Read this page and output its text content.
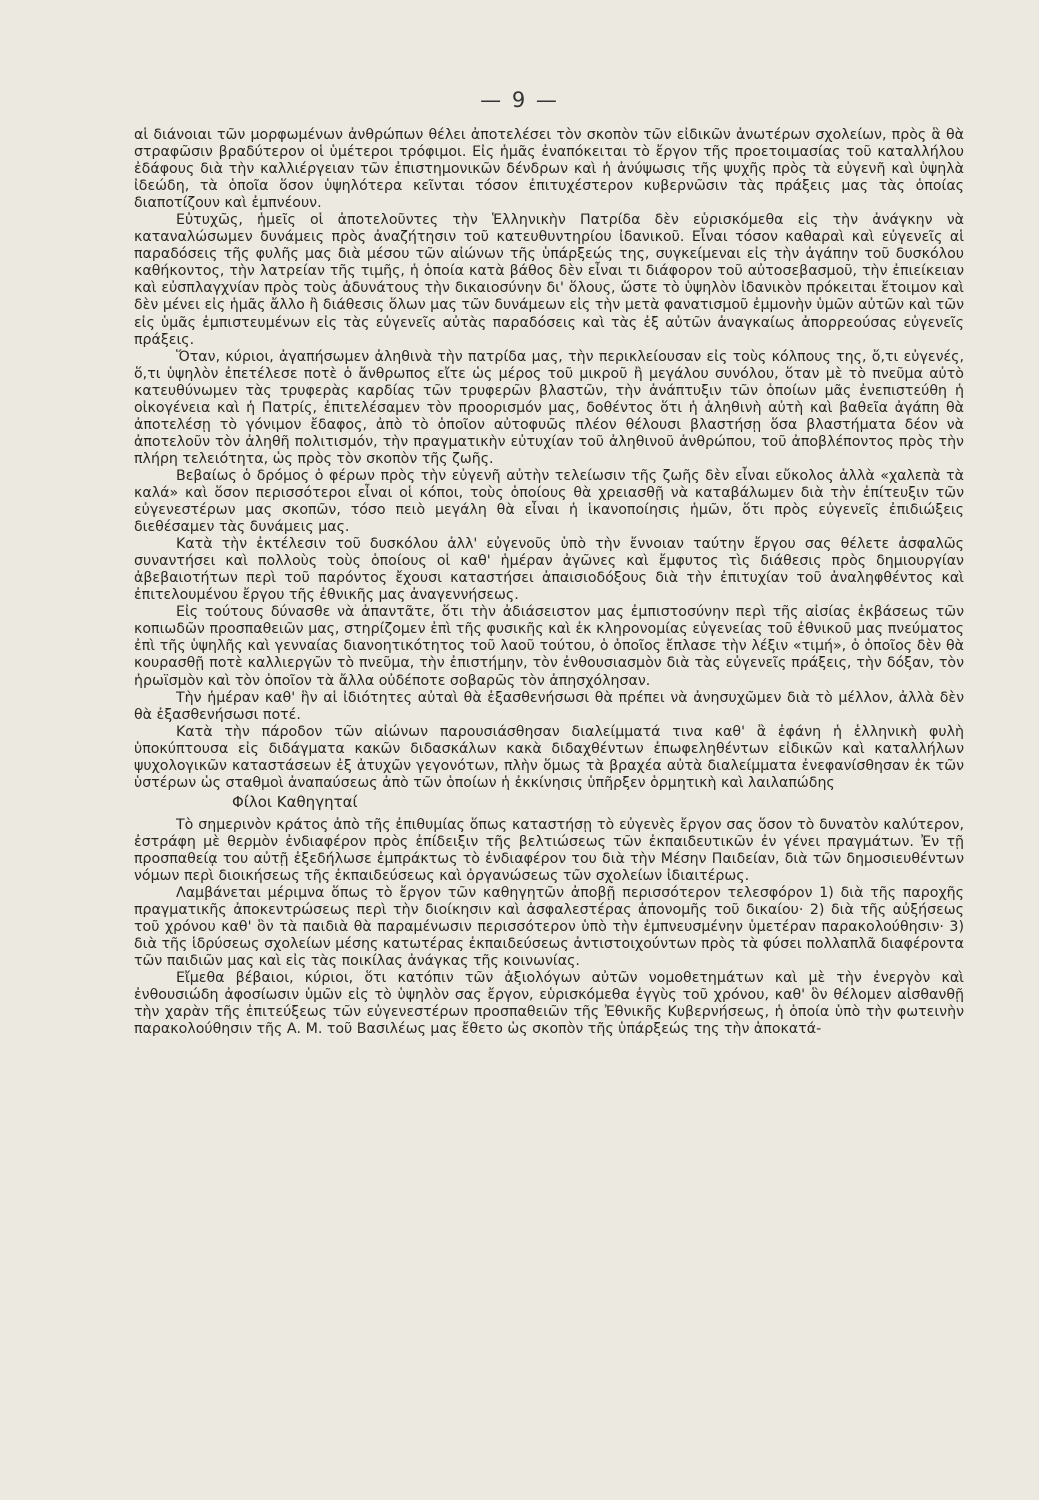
— 9 —

αἱ διάνοιαι τῶν μορφωμένων ἀνθρώπων θέλει ἀποτελέσει τὸν σκοπὸν τῶν εἰδικῶν ἀνωτέρων σχολείων, πρὸς ἃ θὰ στραφῶσιν βραδύτερον οἱ ὑμέτεροι τρόφιμοι. Εἰς ἡμᾶς ἐναπόκειται τὸ ἔργον τῆς προετοιμασίας τοῦ καταλλήλου ἐδάφους διὰ τὴν καλλιέργειαν τῶν ἐπιστημονικῶν δένδρων καὶ ἡ ἀνύψωσις τῆς ψυχῆς πρὸς τὰ εὐγενῆ καὶ ὑψηλὰ ἰδεώδη, τὰ ὁποῖα ὅσον ὑψηλότερα κεῖνται τόσον ἐπιτυχέστερον κυβερνῶσιν τὰς πράξεις μας τὰς ὁποίας διαποτίζουν καὶ ἐμπνέουν.

Εὐτυχῶς, ἡμεῖς οἱ ἀποτελοῦντες τὴν Ἑλληνικὴν Πατρίδα δὲν εὑρισκόμεθα εἰς τὴν ἀνάγκην νὰ καταναλώσωμεν δυνάμεις πρὸς ἀναζήτησιν τοῦ κατευθυντηρίου ἰδανικοῦ. Εἶναι τόσον καθαραὶ καὶ εὐγενεῖς αἱ παραδόσεις τῆς φυλῆς μας διὰ μέσου τῶν αἰώνων τῆς ὑπάρξεώς της, συγκείμεναι εἰς τὴν ἀγάπην τοῦ δυσκόλου καθήκοντος, τὴν λατρείαν τῆς τιμῆς, ἡ ὁποία κατὰ βάθος δὲν εἶναι τι διάφορον τοῦ αὐτοσεβασμοῦ, τὴν ἐπιείκειαν καὶ εὐσπλαγχνίαν πρὸς τοὺς ἀδυνάτους τὴν δικαιοσύνην δι' ὅλους, ὥστε τὸ ὑψηλὸν ἰδανικὸν πρόκειται ἕτοιμον καὶ δὲν μένει εἰς ἡμᾶς ἄλλο ἢ διάθεσις ὅλων μας τῶν δυνάμεων εἰς τὴν μετὰ φανατισμοῦ ἐμμονὴν ὑμῶν αὐτῶν καὶ τῶν εἰς ὑμᾶς ἐμπιστευμένων εἰς τὰς εὐγενεῖς αὐτὰς παραδόσεις καὶ τὰς ἐξ αὐτῶν ἀναγκαίως ἀπορρεούσας εὐγενεῖς πράξεις.

Ὅταν, κύριοι, ἀγαπήσωμεν ἀληθινὰ τὴν πατρίδα μας, τὴν περικλείουσαν εἰς τοὺς κόλπους της, ὅ,τι εὐγενές, ὅ,τι ὑψηλὸν ἐπετέλεσε ποτὲ ὁ ἄνθρωπος εἴτε ὡς μέρος τοῦ μικροῦ ἢ μεγάλου συνόλου, ὅταν μὲ τὸ πνεῦμα αὐτὸ κατευθύνωμεν τὰς τρυφερὰς καρδίας τῶν τρυφερῶν βλαστῶν, τὴν ἀνάπτυξιν τῶν ὁποίων μᾶς ἐνεπιστεύθη ἡ οἰκογένεια καὶ ἡ Πατρίς, ἐπιτελέσαμεν τὸν προορισμόν μας, δοθέντος ὅτι ἡ ἀληθινὴ αὐτὴ καὶ βαθεῖα ἀγάπη θὰ ἀποτελέσῃ τὸ γόνιμον ἔδαφος, ἀπὸ τὸ ὁποῖον αὐτοφυῶς πλέον θέλουσι βλαστήσῃ ὅσα βλαστήματα δέον νὰ ἀποτελοῦν τὸν ἀληθῆ πολιτισμόν, τὴν πραγματικὴν εὐτυχίαν τοῦ ἀληθινοῦ ἀνθρώπου, τοῦ ἀποβλέποντος πρὸς τὴν πλήρη τελειότητα, ὡς πρὸς τὸν σκοπὸν τῆς ζωῆς.

Βεβαίως ὁ δρόμος ὁ φέρων πρὸς τὴν εὐγενῆ αὐτὴν τελείωσιν τῆς ζωῆς δὲν εἶναι εὔκολος ἀλλὰ «χαλεπὰ τὰ καλά» καὶ ὅσον περισσότεροι εἶναι οἱ κόποι, τοὺς ὁποίους θὰ χρειασθῇ νὰ καταβάλωμεν διὰ τὴν ἐπίτευξιν τῶν εὐγενεστέρων μας σκοπῶν, τόσο πειὸ μεγάλη θὰ εἶναι ἡ ἱκανοποίησις ἡμῶν, ὅτι πρὸς εὐγενεῖς ἐπιδιώξεις διεθέσαμεν τὰς δυνάμεις μας.

Κατὰ τὴν ἐκτέλεσιν τοῦ δυσκόλου ἀλλ' εὐγενοῦς ὑπὸ τὴν ἔννοιαν ταύτην ἔργου σας θέλετε ἀσφαλῶς συναντήσει καὶ πολλοὺς τοὺς ὁποίους οἱ καθ' ἡμέραν ἀγῶνες καὶ ἔμφυτος τὶς διάθεσις πρὸς δημιουργίαν ἀβεβαιοτήτων περὶ τοῦ παρόντος ἔχουσι καταστήσει ἀπαισιοδόξους διὰ τὴν ἐπιτυχίαν τοῦ ἀναληφθέντος καὶ ἐπιτελουμένου ἔργου τῆς ἐθνικῆς μας ἀναγεννήσεως.

Εἰς τούτους δύνασθε νὰ ἀπαντᾶτε, ὅτι τὴν ἀδιάσειστον μας ἐμπιστοσύνην περὶ τῆς αἰσίας ἐκβάσεως τῶν κοπιωδῶν προσπαθειῶν μας, στηρίζομεν ἐπὶ τῆς φυσικῆς καὶ ἐκ κληρονομίας εὐγενείας τοῦ ἐθνικοῦ μας πνεύματος ἐπὶ τῆς ὑψηλῆς καὶ γενναίας διανοητικότητος τοῦ λαοῦ τούτου, ὁ ὁποῖος ἔπλασε τὴν λέξιν «τιμή», ὁ ὁποῖος δὲν θὰ κουρασθῇ ποτὲ καλλιεργῶν τὸ πνεῦμα, τὴν ἐπιστήμην, τὸν ἐνθουσιασμὸν διὰ τὰς εὐγενεῖς πράξεις, τὴν δόξαν, τὸν ἡρωϊσμὸν καὶ τὸν ὁποῖον τὰ ἄλλα οὐδέποτε σοβαρῶς τὸν ἀπησχόλησαν.

Τὴν ἡμέραν καθ' ἣν αἱ ἰδιότητες αὐταὶ θὰ ἐξασθενήσωσι θὰ πρέπει νὰ ἀνησυχῶμεν διὰ τὸ μέλλον, ἀλλὰ δὲν θὰ ἐξασθενήσωσι ποτέ.

Κατὰ τὴν πάροδον τῶν αἰώνων παρουσιάσθησαν διαλείμματά τινα καθ' ἃ ἐφάνη ἡ ἑλληνικὴ φυλὴ ὑποκύπτουσα εἰς διδάγματα κακῶν διδασκάλων κακὰ διδαχθέντων ἐπωφεληθέντων εἰδικῶν καὶ καταλλήλων ψυχολογικῶν καταστάσεων ἐξ ἀτυχῶν γεγονότων, πλὴν ὅμως τὰ βραχέα αὐτὰ διαλείμματα ἐνεφανίσθησαν ἐκ τῶν ὑστέρων ὡς σταθμοὶ ἀναπαύσεως ἀπὸ τῶν ὁποίων ἡ ἐκκίνησις ὑπῆρξεν ὁρμητικὴ καὶ λαιλαπώδης

Φίλοι Καθηγηταί

Τὸ σημερινὸν κράτος ἀπὸ τῆς ἐπιθυμίας ὅπως καταστήσῃ τὸ εὐγενὲς ἔργον σας ὅσον τὸ δυνατὸν καλύτερον, ἐστράφη μὲ θερμὸν ἐνδιαφέρον πρὸς ἐπίδειξιν τῆς βελτιώσεως τῶν ἐκπαιδευτικῶν ἐν γένει πραγμάτων. Ἐν τῇ προσπαθείᾳ του αὐτῇ ἐξεδήλωσε ἐμπράκτως τὸ ἐνδιαφέρον του διὰ τὴν Μέσην Παιδείαν, διὰ τῶν δημοσιευθέντων νόμων περὶ διοικήσεως τῆς ἐκπαιδεύσεως καὶ ὀργανώσεως τῶν σχολείων ἰδιαιτέρως.

Λαμβάνεται μέριμνα ὅπως τὸ ἔργον τῶν καθηγητῶν ἀποβῇ περισσότερον τελεσφόρον 1) διὰ τῆς παροχῆς πραγματικῆς ἀποκεντρώσεως περὶ τὴν διοίκησιν καὶ ἀσφαλεστέρας ἀπονομῆς τοῦ δικαίου· 2) διὰ τῆς αὐξήσεως τοῦ χρόνου καθ' ὃν τὰ παιδιὰ θὰ παραμένωσιν περισσότερον ὑπὸ τὴν ἐμπνευσμένην ὑμετέραν παρακολούθησιν· 3) διὰ τῆς ἱδρύσεως σχολείων μέσης κατωτέρας ἐκπαιδεύσεως ἀντιστοιχούντων πρὸς τὰ φύσει πολλαπλᾶ διαφέροντα τῶν παιδιῶν μας καὶ εἰς τὰς ποικίλας ἀνάγκας τῆς κοινωνίας.

Εἴμεθα βέβαιοι, κύριοι, ὅτι κατόπιν τῶν ἀξιολόγων αὐτῶν νομοθετημάτων καὶ μὲ τὴν ἐνεργὸν καὶ ἐνθουσιώδη ἀφοσίωσιν ὑμῶν εἰς τὸ ὑψηλὸν σας ἔργον, εὑρισκόμεθα ἐγγὺς τοῦ χρόνου, καθ' ὃν θέλομεν αἰσθανθῇ τὴν χαρὰν τῆς ἐπιτεύξεως τῶν εὐγενεστέρων προσπαθειῶν τῆς Ἐθνικῆς Κυβερνήσεως, ἡ ὁποία ὑπὸ τὴν φωτεινὴν παρακολούθησιν τῆς Α. Μ. τοῦ Βασιλέως μας ἔθετο ὡς σκοπὸν τῆς ὑπάρξεώς της τὴν ἀποκατά-
